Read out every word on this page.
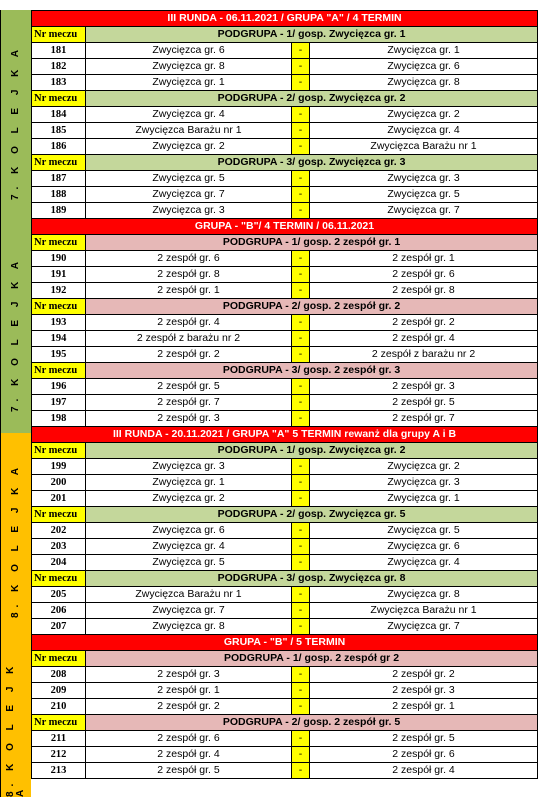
7. K O L E J K A
7. K O L E J K A
8. K O L E J K A
8. K O L E J K A
III RUNDA - 06.11.2021 / GRUPA "A" / 4 TERMIN			
Nr meczu	PODGRUPA - 1/ gosp. Zwycięzca gr. 1		
181	Zwycięzca gr. 6	-	Zwycięzca gr. 1
182	Zwycięzca gr. 8	-	Zwycięzca gr. 6
183	Zwycięzca gr. 1	-	Zwycięzca gr. 8
Nr meczu	PODGRUPA - 2/ gosp. Zwycięzca gr. 2		
184	Zwycięzca gr. 4	-	Zwycięzca gr. 2
185	Zwycięzca Barażu nr 1	-	Zwycięzca gr. 4
186	Zwycięzca gr. 2	-	Zwycięzca Barażu nr 1
Nr meczu	PODGRUPA - 3/ gosp. Zwycięzca gr. 3		
187	Zwycięzca gr. 5	-	Zwycięzca gr. 3
188	Zwycięzca gr. 7	-	Zwycięzca gr. 5
189	Zwycięzca gr. 3	-	Zwycięzca gr. 7
GRUPA - "B"/ 4 TERMIN / 06.11.2021			
Nr meczu	PODGRUPA - 1/ gosp. 2 zespół gr. 1		
190	2 zespół gr. 6	-	2 zespół gr. 1
191	2 zespół gr. 8	-	2 zespół gr. 6
192	2 zespół gr. 1	-	2 zespół gr. 8
Nr meczu	PODGRUPA - 2/ gosp. 2 zespół gr. 2		
193	2 zespół gr. 4	-	2 zespół gr. 2
194	2 zespół z barażu nr 2	-	2 zespół gr. 4
195	2 zespół gr. 2	-	2 zespół z barażu nr 2
Nr meczu	PODGRUPA - 3/ gosp. 2 zespół gr. 3		
196	2 zespół gr. 5	-	2 zespół gr. 3
197	2 zespół gr. 7	-	2 zespół gr. 5
198	2 zespół gr. 3	-	2 zespół gr. 7
III RUNDA - 20.11.2021 / GRUPA "A" 5 TERMIN rewanż dla grupy A i B			
Nr meczu	PODGRUPA - 1/ gosp. Zwycięzca gr. 2		
199	Zwycięzca gr. 3	-	Zwycięzca gr. 2
200	Zwycięzca gr. 1	-	Zwycięzca gr. 3
201	Zwycięzca gr. 2	-	Zwycięzca gr. 1
Nr meczu	PODGRUPA - 2/ gosp. Zwycięzca gr. 5		
202	Zwycięzca gr. 6	-	Zwycięzca gr. 5
203	Zwycięzca gr. 4	-	Zwycięzca gr. 6
204	Zwycięzca gr. 5	-	Zwycięzca gr. 4
Nr meczu	PODGRUPA - 3/ gosp. Zwycięzca gr. 8		
205	Zwycięzca Barażu nr 1	-	Zwycięzca gr. 8
206	Zwycięzca gr. 7	-	Zwycięzca Barażu nr 1
207	Zwycięzca gr. 8	-	Zwycięzca gr. 7
GRUPA - "B" / 5 TERMIN			
Nr meczu	PODGRUPA - 1/ gosp. 2 zespół gr 2		
208	2 zespół gr. 3	-	2 zespół gr. 2
209	2 zespół gr. 1	-	2 zespół gr. 3
210	2 zespół gr. 2	-	2 zespół gr. 1
Nr meczu	PODGRUPA - 2/ gosp. 2 zespół gr. 5		
211	2 zespół gr. 6	-	2 zespół gr. 5
212	2 zespół gr. 4	-	2 zespół gr. 6
213	2 zespół gr. 5	-	2 zespół gr. 4
